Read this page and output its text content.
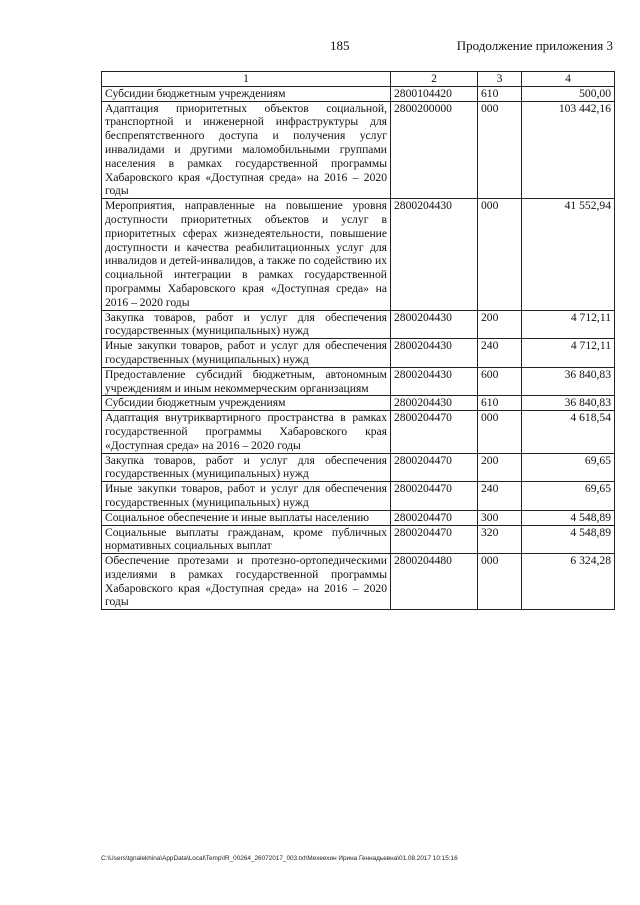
185	Продолжение приложения 3
1	2	3	4
Субсидии бюджетным учреждениям	2800104420	610	500,00
Адаптация приоритетных объектов социальной, транспортной и инженерной инфраструктуры для беспрепятственного доступа и получения услуг инвалидами и другими маломобильными группами населения в рамках государственной программы Хабаровского края «Доступная среда» на 2016 – 2020 годы	2800200000	000	103 442,16
Мероприятия, направленные на повышение уровня доступности приоритетных объектов и услуг в приоритетных сферах жизнедеятельности, повышение доступности и качества реабилитационных услуг для инвалидов и детей-инвалидов, а также по содействию их социальной интеграции в рамках государственной программы Хабаровского края «Доступная среда» на 2016 – 2020 годы	2800204430	000	41 552,94
Закупка товаров, работ и услуг для обеспечения государственных (муниципальных) нужд	2800204430	200	4 712,11
Иные закупки товаров, работ и услуг для обеспечения государственных (муниципальных) нужд	2800204430	240	4 712,11
Предоставление субсидий бюджетным, автономным учреждениям и иным некоммерческим организациям	2800204430	600	36 840,83
Субсидии бюджетным учреждениям	2800204430	610	36 840,83
Адаптация внутриквартирного пространства в рамках государственной программы Хабаровского края «Доступная среда» на 2016 – 2020 годы	2800204470	000	4 618,54
Закупка товаров, работ и услуг для обеспечения государственных (муниципальных) нужд	2800204470	200	69,65
Иные закупки товаров, работ и услуг для обеспечения государственных (муниципальных) нужд	2800204470	240	69,65
Социальное обеспечение и иные выплаты населению	2800204470	300	4 548,89
Социальные выплаты гражданам, кроме публичных нормативных социальных выплат	2800204470	320	4 548,89
Обеспечение протезами и протезно-ортопедическими изделиями в рамках государственной программы Хабаровского края «Доступная среда» на 2016 – 2020 годы	2800204480	000	6 324,28
C:\Users\tgnalekhina\AppData\Local\Temp\IR_00264_26072017_003.txt\Мехеехин Ирина Геннадьевна\01.08.2017 10:15:16
